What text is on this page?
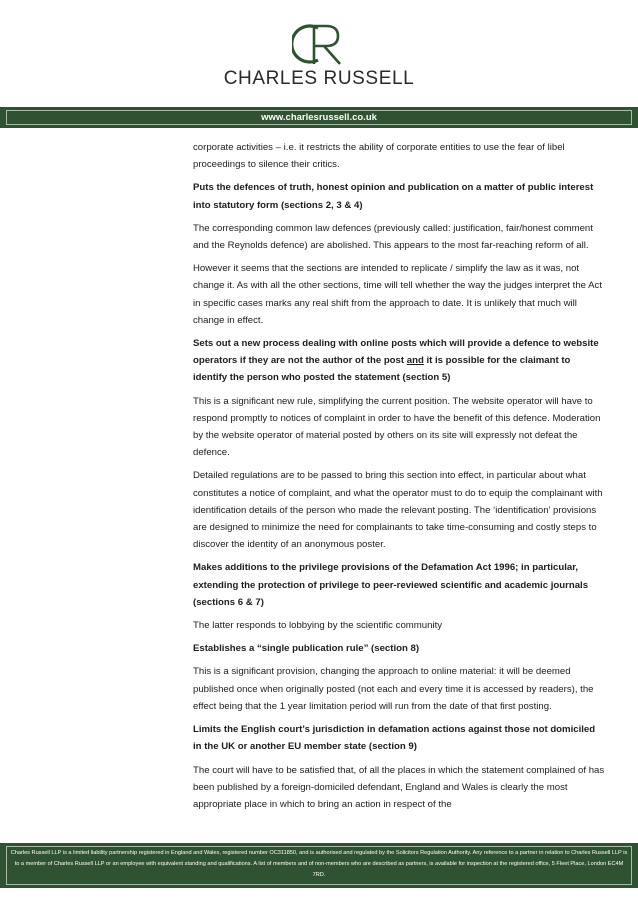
CHARLES RUSSELL
www.charlesrussell.co.uk

corporate activities – i.e. it restricts the ability of corporate entities to use the fear of libel proceedings to silence their critics.

Puts the defences of truth, honest opinion and publication on a matter of public interest into statutory form (sections 2, 3 & 4)

The corresponding common law defences (previously called: justification, fair/honest comment and the Reynolds defence) are abolished. This appears to the most far-reaching reform of all.

However it seems that the sections are intended to replicate / simplify the law as it was, not change it. As with all the other sections, time will tell whether the way the judges interpret the Act in specific cases marks any real shift from the approach to date. It is unlikely that much will change in effect.

Sets out a new process dealing with online posts which will provide a defence to website operators if they are not the author of the post and it is possible for the claimant to identify the person who posted the statement (section 5)

This is a significant new rule, simplifying the current position. The website operator will have to respond promptly to notices of complaint in order to have the benefit of this defence. Moderation by the website operator of material posted by others on its site will expressly not defeat the defence.

Detailed regulations are to be passed to bring this section into effect, in particular about what constitutes a notice of complaint, and what the operator must to do to equip the complainant with identification details of the person who made the relevant posting. The ‘identification’ provisions are designed to minimize the need for complainants to take time-consuming and costly steps to discover the identity of an anonymous poster.

Makes additions to the privilege provisions of the Defamation Act 1996; in particular, extending the protection of privilege to peer-reviewed scientific and academic journals (sections 6 & 7)

The latter responds to lobbying by the scientific community

Establishes a “single publication rule” (section 8)

This is a significant provision, changing the approach to online material: it will be deemed published once when originally posted (not each and every time it is accessed by readers), the effect being that the 1 year limitation period will run from the date of that first posting.

Limits the English court’s jurisdiction in defamation actions against those not domiciled in the UK or another EU member state (section 9)

The court will have to be satisfied that, of all the places in which the statement complained of has been published by a foreign-domiciled defendant, England and Wales is clearly the most appropriate place in which to bring an action in respect of the

Charles Russell LLP is a limited liability partnership registered in England and Wales, registered number OC311850, and is authorised and regulated by the Solicitors Regulation Authority. Any reference to a partner in relation to Charles Russell LLP is to a member of Charles Russell LLP or an employee with equivalent standing and qualifications. A list of members and of non-members who are described as partners, is available for inspection at the registered office, 5 Fleet Place, London EC4M 7RD.
